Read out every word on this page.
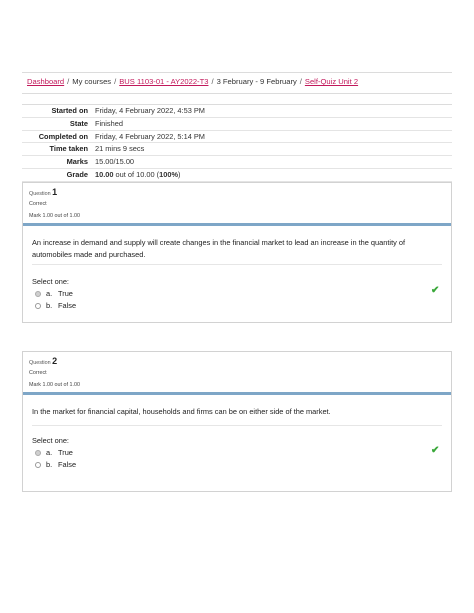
Dashboard / My courses / BUS 1103-01 - AY2022-T3 / 3 February - 9 February / Self-Quiz Unit 2
Started on Friday, 4 February 2022, 4:53 PM
State Finished
Completed on Friday, 4 February 2022, 5:14 PM
Time taken 21 mins 9 secs
Marks 15.00/15.00
Grade 10.00 out of 10.00 (100%)
Question 1
Correct
Mark 1.00 out of 1.00
An increase in demand and supply will create changes in the financial market to lead an increase in the quantity of automobiles made and purchased.
Select one:
a. True
b. False
✔
Question 2
Correct
Mark 1.00 out of 1.00
In the market for financial capital, households and firms can be on either side of the market.
Select one:
a. True
b. False
✔
